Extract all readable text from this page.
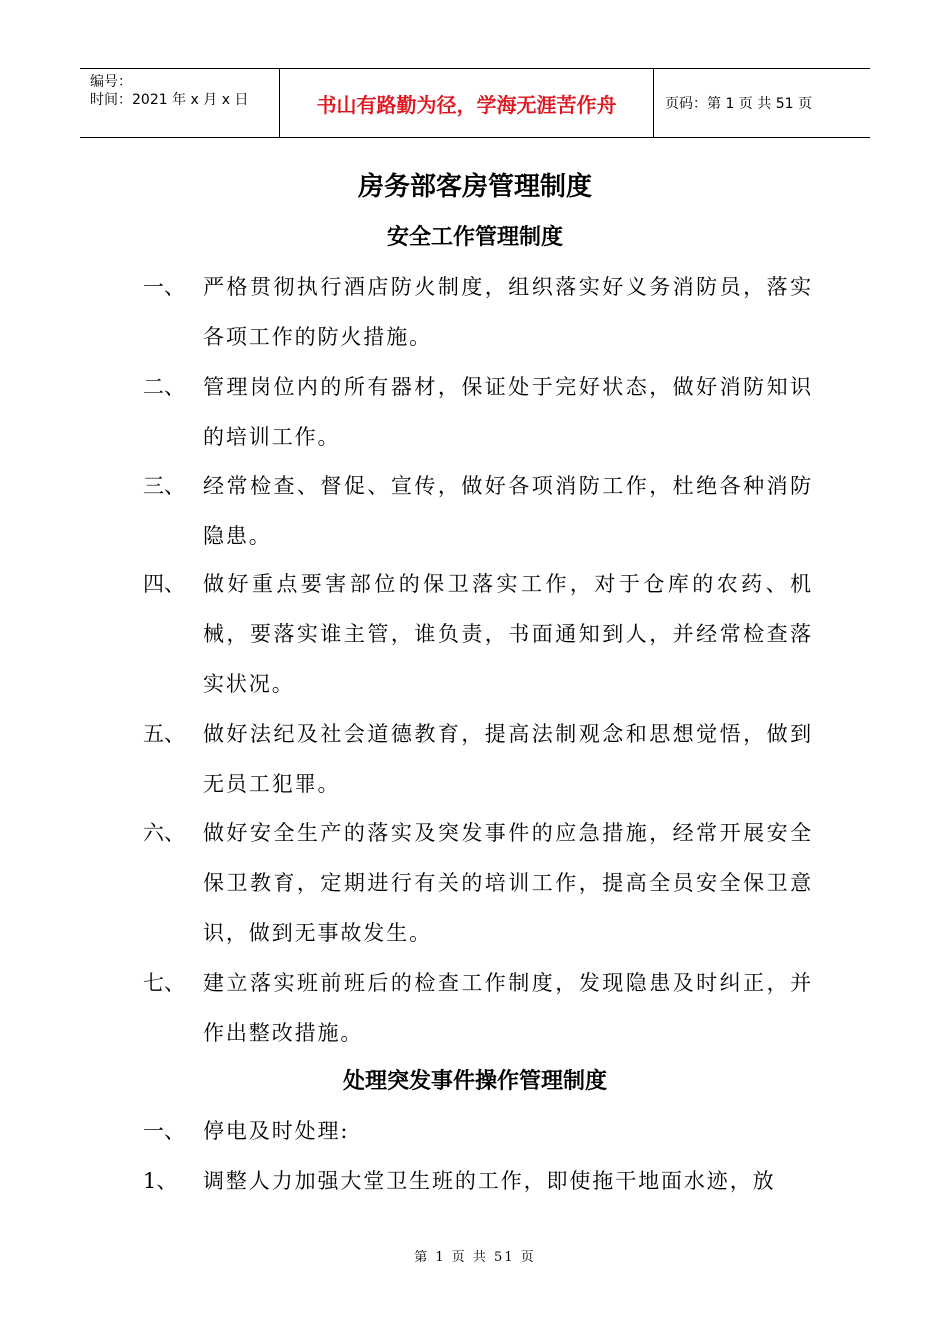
编号：
时间：2021 年 x 月 x 日	书山有路勤为径，学海无涯苦作舟	页码：第 1 页 共 51 页
房务部客房管理制度
安全工作管理制度
一、 严格贯彻执行酒店防火制度，组织落实好义务消防员，落实各项工作的防火措施。
二、 管理岗位内的所有器材，保证处于完好状态，做好消防知识的培训工作。
三、 经常检查、督促、宣传，做好各项消防工作，杜绝各种消防隐患。
四、 做好重点要害部位的保卫落实工作，对于仓库的农药、机械，要落实谁主管，谁负责，书面通知到人，并经常检查落实状况。
五、 做好法纪及社会道德教育，提高法制观念和思想觉悟，做到无员工犯罪。
六、 做好安全生产的落实及突发事件的应急措施，经常开展安全保卫教育，定期进行有关的培训工作，提高全员安全保卫意识，做到无事故发生。
七、 建立落实班前班后的检查工作制度，发现隐患及时纠正，并作出整改措施。
处理突发事件操作管理制度
一、 停电及时处理:
1、	调整人力加强大堂卫生班的工作，即使拖干地面水迹，放
第 1 页 共 51 页
